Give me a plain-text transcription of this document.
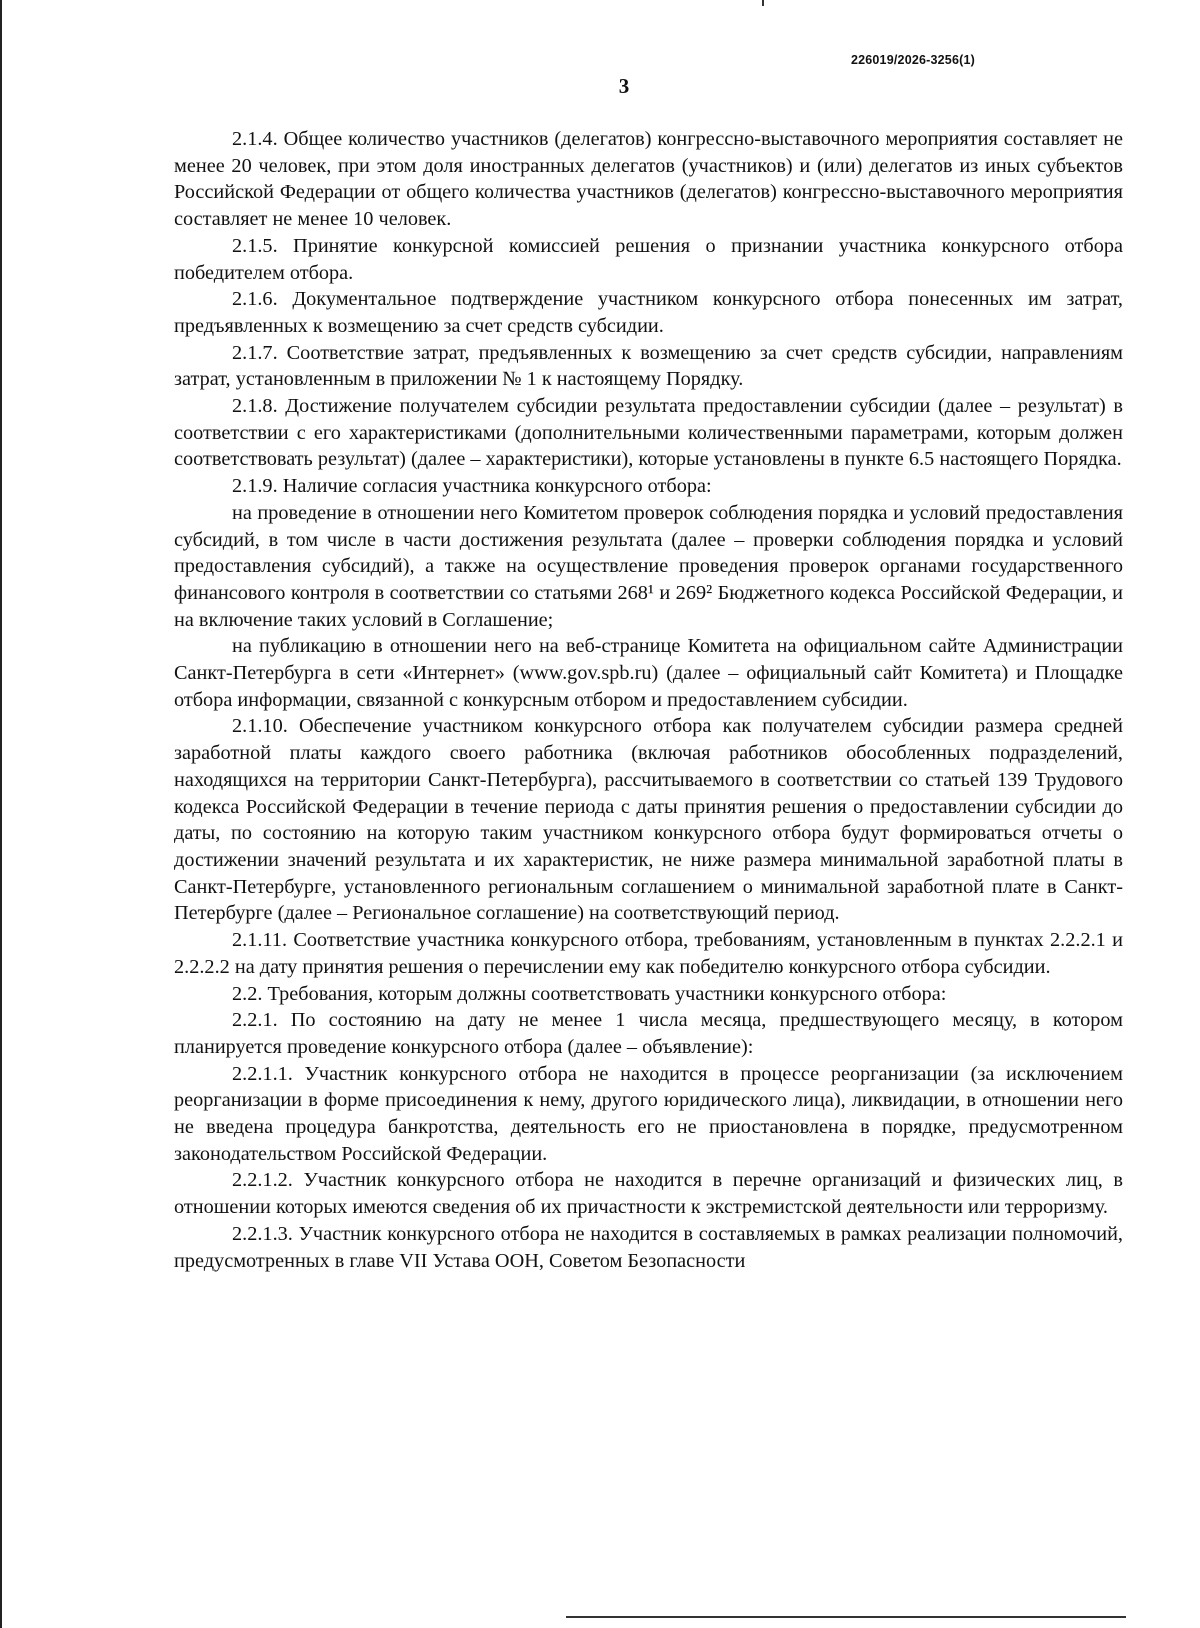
226019/2026-3256(1)
3

2.1.4. Общее количество участников (делегатов) конгрессно-выставочного мероприятия составляет не менее 20 человек, при этом доля иностранных делегатов (участников) и (или) делегатов из иных субъектов Российской Федерации от общего количества участников (делегатов) конгрессно-выставочного мероприятия составляет не менее 10 человек.

2.1.5. Принятие конкурсной комиссией решения о признании участника конкурсного отбора победителем отбора.

2.1.6. Документальное подтверждение участником конкурсного отбора понесенных им затрат, предъявленных к возмещению за счет средств субсидии.

2.1.7. Соответствие затрат, предъявленных к возмещению за счет средств субсидии, направлениям затрат, установленным в приложении № 1 к настоящему Порядку.

2.1.8. Достижение получателем субсидии результата предоставлении субсидии (далее – результат) в соответствии с его характеристиками (дополнительными количественными параметрами, которым должен соответствовать результат) (далее – характеристики), которые установлены в пункте 6.5 настоящего Порядка.

2.1.9. Наличие согласия участника конкурсного отбора:

на проведение в отношении него Комитетом проверок соблюдения порядка и условий предоставления субсидий, в том числе в части достижения результата (далее – проверки соблюдения порядка и условий предоставления субсидий), а также на осуществление проведения проверок органами государственного финансового контроля в соответствии со статьями 268¹ и 269² Бюджетного кодекса Российской Федерации, и на включение таких условий в Соглашение;

на публикацию в отношении него на веб-странице Комитета на официальном сайте Администрации Санкт-Петербурга в сети «Интернет» (www.gov.spb.ru) (далее – официальный сайт Комитета) и Площадке отбора информации, связанной с конкурсным отбором и предоставлением субсидии.

2.1.10. Обеспечение участником конкурсного отбора как получателем субсидии размера средней заработной платы каждого своего работника (включая работников обособленных подразделений, находящихся на территории Санкт-Петербурга), рассчитываемого в соответствии со статьей 139 Трудового кодекса Российской Федерации в течение периода с даты принятия решения о предоставлении субсидии до даты, по состоянию на которую таким участником конкурсного отбора будут формироваться отчеты о достижении значений результата и их характеристик, не ниже размера минимальной заработной платы в Санкт-Петербурге, установленного региональным соглашением о минимальной заработной плате в Санкт-Петербурге (далее – Региональное соглашение) на соответствующий период.

2.1.11. Соответствие участника конкурсного отбора, требованиям, установленным в пунктах 2.2.2.1 и 2.2.2.2 на дату принятия решения о перечислении ему как победителю конкурсного отбора субсидии.

2.2. Требования, которым должны соответствовать участники конкурсного отбора:

2.2.1. По состоянию на дату не менее 1 числа месяца, предшествующего месяцу, в котором планируется проведение конкурсного отбора (далее – объявление):

2.2.1.1. Участник конкурсного отбора не находится в процессе реорганизации (за исключением реорганизации в форме присоединения к нему, другого юридического лица), ликвидации, в отношении него не введена процедура банкротства, деятельность его не приостановлена в порядке, предусмотренном законодательством Российской Федерации.

2.2.1.2. Участник конкурсного отбора не находится в перечне организаций и физических лиц, в отношении которых имеются сведения об их причастности к экстремистской деятельности или терроризму.

2.2.1.3. Участник конкурсного отбора не находится в составляемых в рамках реализации полномочий, предусмотренных в главе VII Устава ООН, Советом Безопасности
